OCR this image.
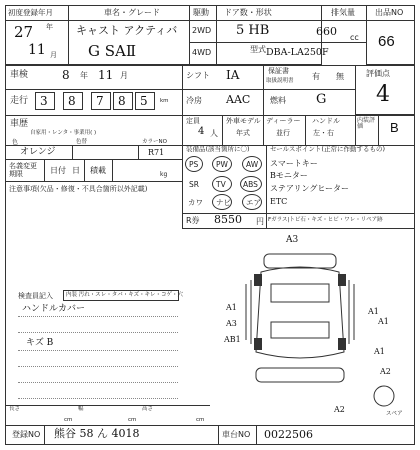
初度登録年月
27 年
11 月
車名・グレード
キャスト アクティバ
G SAⅡ
駆動
2WD
4WD
ドア数・形状
5 HB
型式 DBA-LA250F
排気量
660 cc
出品NO
66
車検	8 年 11 月	シフト IA	保証書
取扱説明書 有 無	評価点
4
走行 3 8 7 8 5 km 冷房 AAC 燃料 G
車歴
自家用・レンタ・事業用( )
定員
4 人
外車モデル
年式
ディーラー
並行
ハンドル
左・右
内装評価	B
色
オレンジ
色替	カラーNO
R71
名義変更期限	日付 日 積載	kg
注意事項(欠品・修復・不具合箇所以外記載)
装備品(該当箇所に〇)
PS PW AW
SR TV ABS
カワ ナビ エア
R券 8550 円
セールスポイント(正常に作動するもの)
スマートキー
Bモニター
ステアリングヒーター
ETC
Fガラス|トビ石・キズ・ヒビ・ワレ・リペア跡
検査員記入 内装 汚れ・スレ・タバ・キズ・キレ・コゲ・穴
ハンドルカバー
キズ B
A3
A1	A1
A3
AB1
A1
A1
A2
A2	スペア
長さ
cm
幅
cm
高さ
cm
登録NO 熊谷 58 ん 4018	車台NO 0022506
